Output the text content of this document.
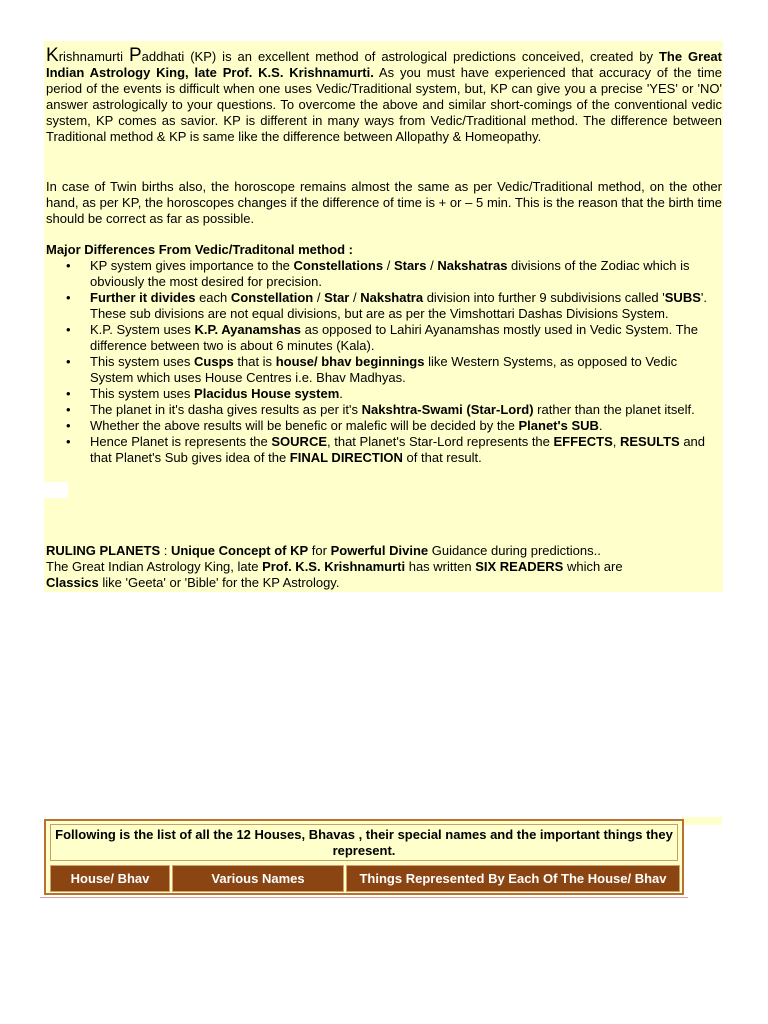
Krishnamurti Paddhati (KP) is an excellent method of astrological predictions conceived, created by The Great Indian Astrology King, late Prof. K.S. Krishnamurti. As you must have experienced that accuracy of the time period of the events is difficult when one uses Vedic/Traditional system, but, KP can give you a precise 'YES' or 'NO' answer astrologically to your questions. To overcome the above and similar short-comings of the conventional vedic system, KP comes as savior. KP is different in many ways from Vedic/Traditional method. The difference between Traditional method & KP is same like the difference between Allopathy & Homeopathy.

In case of Twin births also, the horoscope remains almost the same as per Vedic/Traditional method, on the other hand, as per KP, the horoscopes changes if the difference of time is + or – 5 min. This is the reason that the birth time should be correct as far as possible.

Major Differences From Vedic/Traditonal method :

• KP system gives importance to the Constellations / Stars / Nakshatras divisions of the Zodiac which is obviously the most desired for precision.
• Further it divides each Constellation / Star / Nakshatra division into further 9 subdivisions called 'SUBS'. These sub divisions are not equal divisions, but are as per the Vimshottari Dashas Divisions System.
• K.P. System uses K.P. Ayanamshas as opposed to Lahiri Ayanamshas mostly used in Vedic System. The difference between two is about 6 minutes (Kala).
• This system uses Cusps that is house/ bhav beginnings like Western Systems, as opposed to Vedic System which uses House Centres i.e. Bhav Madhyas.
• This system uses Placidus House system.
• The planet in it's dasha gives results as per it's Nakshtra-Swami (Star-Lord) rather than the planet itself.
• Whether the above results will be benefic or malefic will be decided by the Planet's SUB.
• Hence Planet is represents the SOURCE, that Planet's Star-Lord represents the EFFECTS, RESULTS and that Planet's Sub gives idea of the FINAL DIRECTION of that result.

RULING PLANETS : Unique Concept of KP for Powerful Divine Guidance during predictions..
The Great Indian Astrology King, late Prof. K.S. Krishnamurti has written SIX READERS which are
Classics like 'Geeta' or 'Bible' for the KP Astrology.

Following is the list of all the 12 Houses, Bhavas , their special names and the important things they represent.
House/ Bhav	Various Names	Things Represented By Each Of The House/ Bhav
